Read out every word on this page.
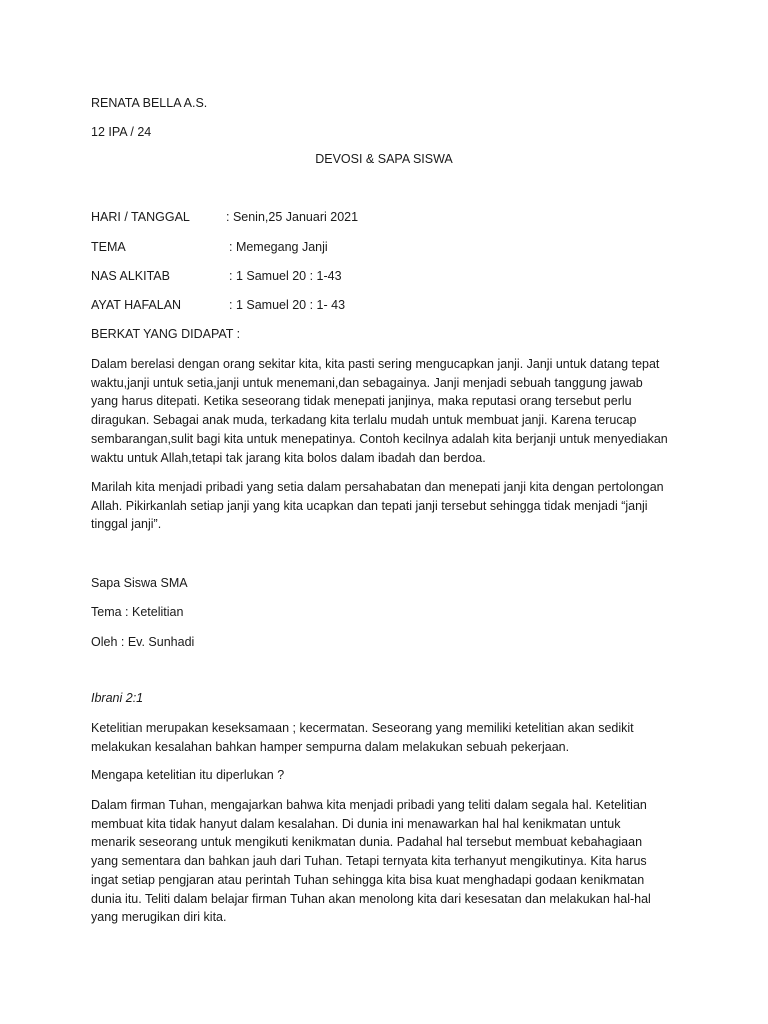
RENATA BELLA A.S.
12 IPA / 24
DEVOSI & SAPA SISWA
HARI / TANGGAL	: Senin,25 Januari 2021
TEMA	: Memegang Janji
NAS ALKITAB	: 1 Samuel 20 : 1-43
AYAT HAFALAN	: 1 Samuel 20 : 1- 43
BERKAT YANG DIDAPAT :
Dalam berelasi dengan orang sekitar kita, kita pasti sering mengucapkan janji. Janji untuk datang tepat
waktu,janji untuk setia,janji untuk menemani,dan sebagainya. Janji menjadi sebuah tanggung jawab
yang harus ditepati. Ketika seseorang tidak menepati janjinya, maka reputasi orang tersebut perlu
diragukan. Sebagai anak muda, terkadang kita terlalu mudah untuk membuat janji. Karena terucap
sembarangan,sulit bagi kita untuk menepatinya. Contoh kecilnya adalah kita berjanji untuk menyediakan
waktu untuk Allah,tetapi tak jarang kita bolos dalam ibadah dan berdoa.
Marilah kita menjadi pribadi yang setia dalam persahabatan dan menepati janji kita dengan pertolongan
Allah. Pikirkanlah setiap janji yang kita ucapkan dan tepati janji tersebut sehingga tidak menjadi “janji
tinggal janji”.
Sapa Siswa SMA
Tema : Ketelitian
Oleh : Ev. Sunhadi
Ibrani 2:1
Ketelitian merupakan keseksamaan ; kecermatan. Seseorang yang memiliki ketelitian akan sedikit
melakukan kesalahan bahkan hamper sempurna dalam melakukan sebuah pekerjaan.
Mengapa ketelitian itu diperlukan ?
Dalam firman Tuhan, mengajarkan bahwa kita menjadi pribadi yang teliti dalam segala hal. Ketelitian
membuat kita tidak hanyut dalam kesalahan. Di dunia ini menawarkan hal hal kenikmatan untuk
menarik seseorang untuk mengikuti kenikmatan dunia. Padahal hal tersebut membuat kebahagiaan
yang sementara dan bahkan jauh dari Tuhan. Tetapi ternyata kita terhanyut mengikutinya. Kita harus
ingat setiap pengjaran atau perintah Tuhan sehingga kita bisa kuat menghadapi godaan kenikmatan
dunia itu. Teliti dalam belajar firman Tuhan akan menolong kita dari kesesatan dan melakukan hal-hal
yang merugikan diri kita.
